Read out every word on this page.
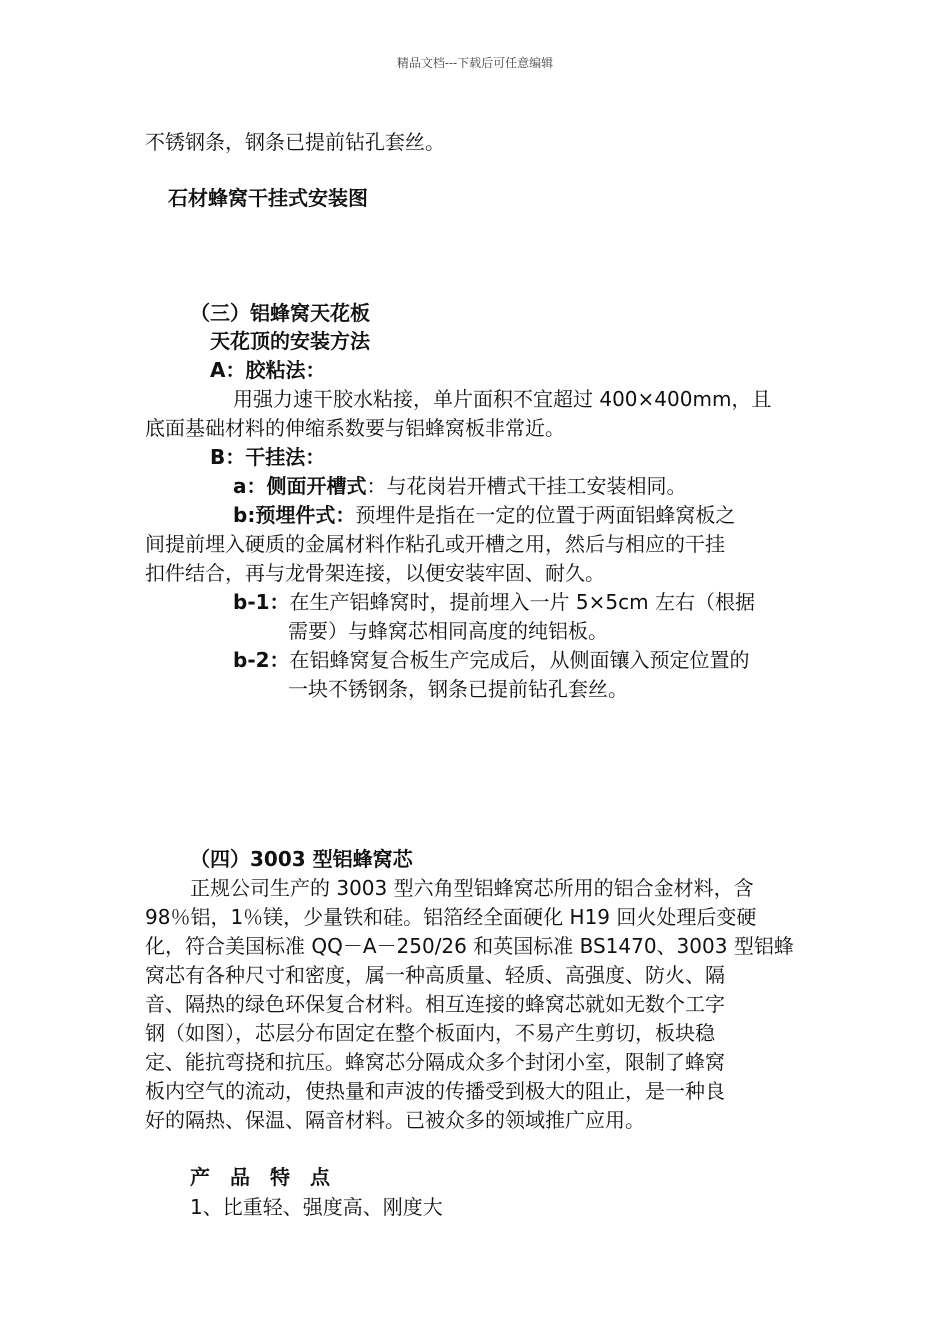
精品文档---下载后可任意编辑
不锈钢条，钢条已提前钻孔套丝。
石材蜂窝干挂式安装图
（三）铝蜂窝天花板
天花顶的安装方法
A：胶粘法：
用强力速干胶水粘接，单片面积不宜超过 400×400mm，且
底面基础材料的伸缩系数要与铝蜂窝板非常近。
B：干挂法：
a：侧面开槽式：与花岗岩开槽式干挂工安装相同。
b:预埋件式：预埋件是指在一定的位置于两面铝蜂窝板之
间提前埋入硬质的金属材料作粘孔或开槽之用，然后与相应的干挂
扣件结合，再与龙骨架连接，以便安装牢固、耐久。
b-1：在生产铝蜂窝时，提前埋入一片 5×5cm 左右（根据
需要）与蜂窝芯相同高度的纯铝板。
b-2：在铝蜂窝复合板生产完成后，从侧面镶入预定位置的
一块不锈钢条，钢条已提前钻孔套丝。
（四）3003 型铝蜂窝芯
正规公司生产的 3003 型六角型铝蜂窝芯所用的铝合金材料，含
98％铝，1％镁，少量铁和硅。铝箔经全面硬化 H19 回火处理后变硬
化，符合美国标准 QQ－A－250/26 和英国标准 BS1470、3003 型铝蜂
窝芯有各种尺寸和密度，属一种高质量、轻质、高强度、防火、隔
音、隔热的绿色环保复合材料。相互连接的蜂窝芯就如无数个工字
钢（如图），芯层分布固定在整个板面内，不易产生剪切，板块稳
定、能抗弯挠和抗压。蜂窝芯分隔成众多个封闭小室，限制了蜂窝
板内空气的流动，使热量和声波的传播受到极大的阻止，是一种良
好的隔热、保温、隔音材料。已被众多的领域推广应用。
产　品　特　点
1、比重轻、强度高、刚度大
